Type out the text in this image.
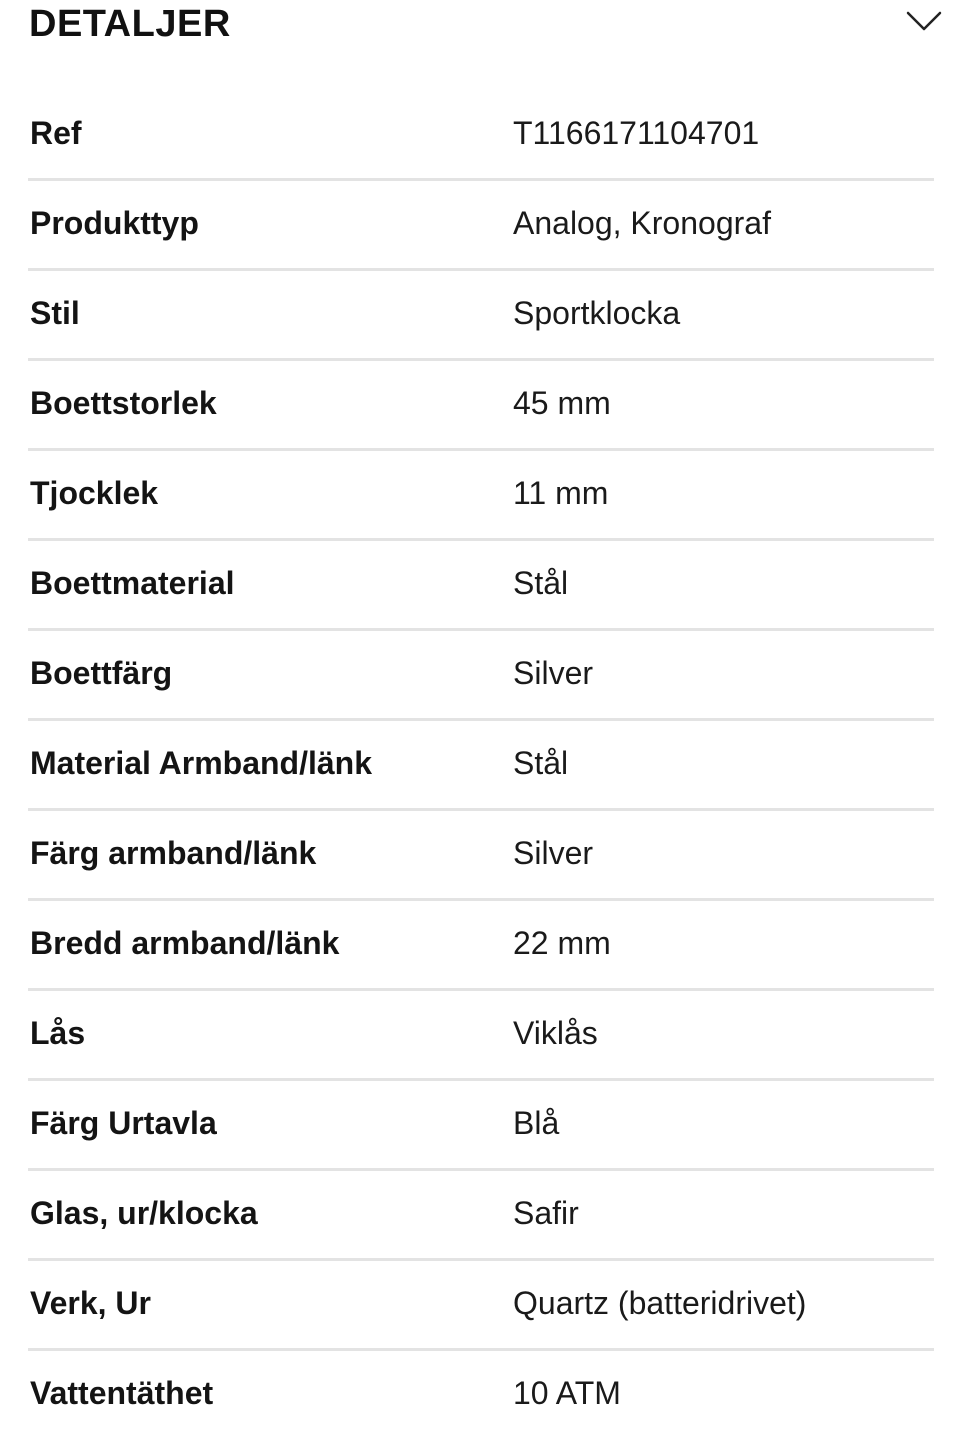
DETALJER
Ref	T1166171104701
Produkttyp	Analog, Kronograf
Stil	Sportklocka
Boettstorlek	45 mm
Tjocklek	11 mm
Boettmaterial	Stål
Boettfärg	Silver
Material Armband/länk	Stål
Färg armband/länk	Silver
Bredd armband/länk	22 mm
Lås	Viklås
Färg Urtavla	Blå
Glas, ur/klocka	Safir
Verk, Ur	Quartz (batteridrivet)
Vattentäthet	10 ATM
